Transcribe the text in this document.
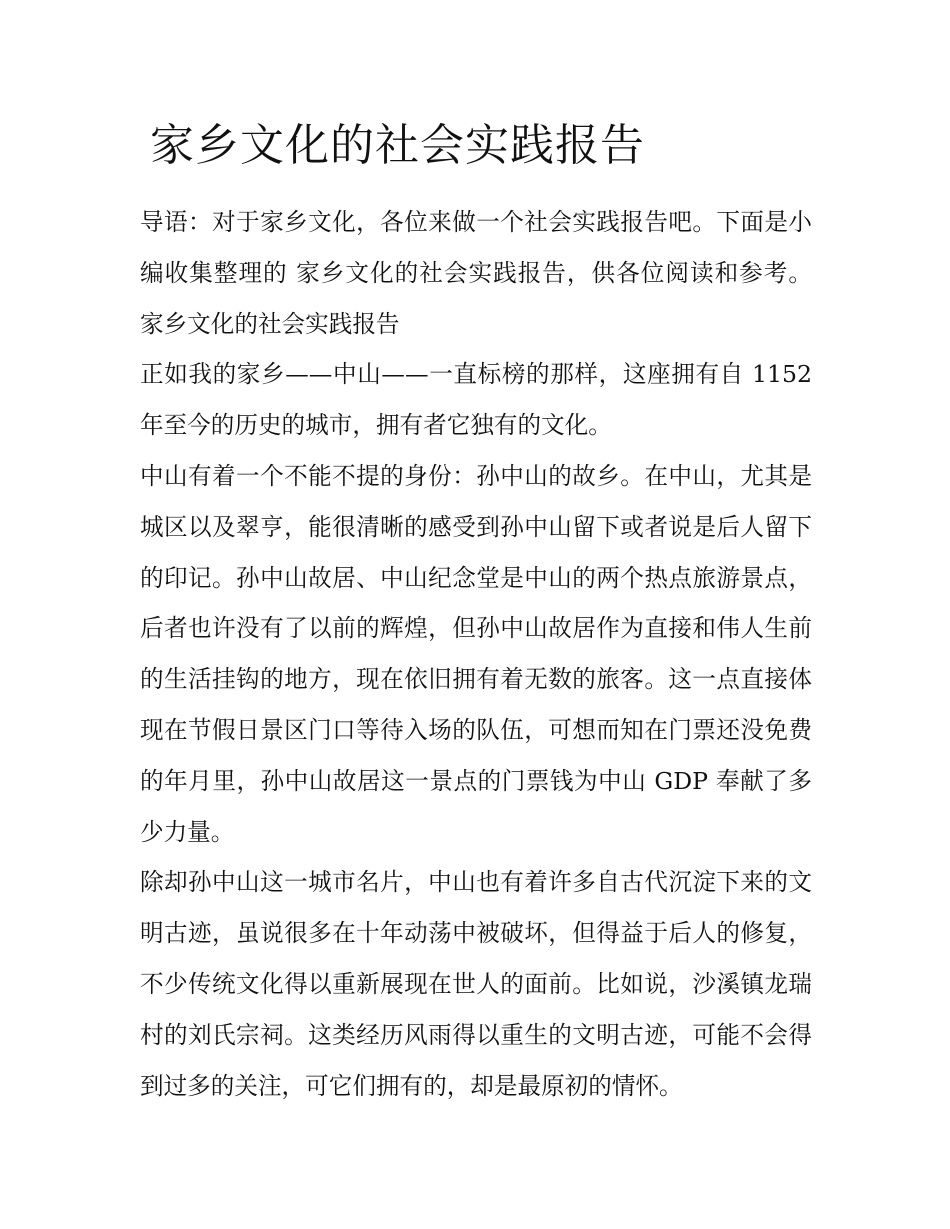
家乡文化的社会实践报告

导语：对于家乡文化，各位来做一个社会实践报告吧。下面是小编收集整理的 家乡文化的社会实践报告，供各位阅读和参考。 家乡文化的社会实践报告

正如我的家乡——中山——一直标榜的那样，这座拥有自 1152 年至今的历史的城市，拥有者它独有的文化。

中山有着一个不能不提的身份：孙中山的故乡。在中山，尤其是城区以及翠亨，能很清晰的感受到孙中山留下或者说是后人留下的印记。孙中山故居、中山纪念堂是中山的两个热点旅游景点，后者也许没有了以前的辉煌，但孙中山故居作为直接和伟人生前的生活挂钩的地方，现在依旧拥有着无数的旅客。这一点直接体现在节假日景区门口等待入场的队伍，可想而知在门票还没免费的年月里，孙中山故居这一景点的门票钱为中山 GDP 奉献了多少力量。

除却孙中山这一城市名片，中山也有着许多自古代沉淀下来的文明古迹，虽说很多在十年动荡中被破坏，但得益于后人的修复，不少传统文化得以重新展现在世人的面前。比如说，沙溪镇龙瑞村的刘氏宗祠。这类经历风雨得以重生的文明古迹，可能不会得到过多的关注，可它们拥有的，却是最原初的情怀。
